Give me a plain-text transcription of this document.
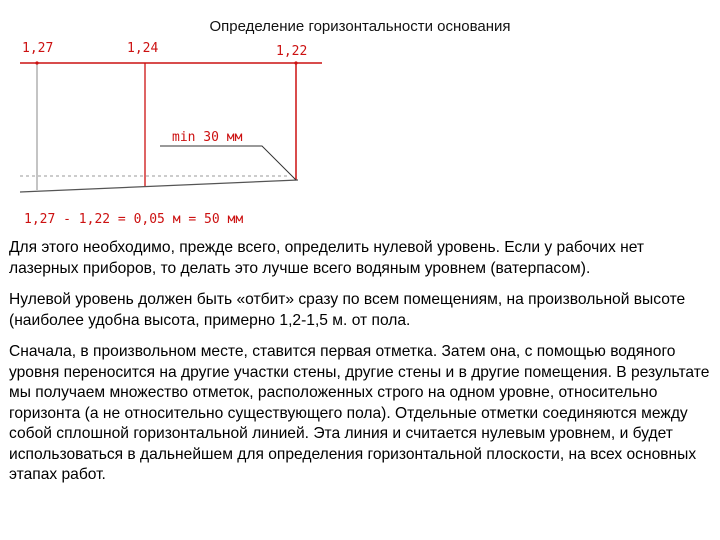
Определение горизонтальности основания
1,27	1,24	1,22
min 30 мм
1,27 - 1,22 = 0,05 м = 50 мм

Для этого необходимо, прежде всего, определить нулевой уровень. Если у рабочих нет лазерных приборов, то делать это лучше всего водяным уровнем (ватерпасом).

Нулевой уровень должен быть «отбит» сразу по всем помещениям, на произвольной высоте (наиболее удобна высота, примерно 1,2-1,5 м. от пола.

Сначала, в произвольном месте, ставится первая отметка. Затем она, с помощью водяного уровня переносится на другие участки стены, другие стены и в другие помещения. В результате мы получаем множество отметок, расположенных строго на одном уровне, относительно горизонта (а не относительно существующего пола). Отдельные отметки соединяются между собой сплошной горизонтальной линией. Эта линия и считается нулевым уровнем, и будет использоваться в дальнейшем для определения горизонтальной плоскости, на всех основных этапах работ.
